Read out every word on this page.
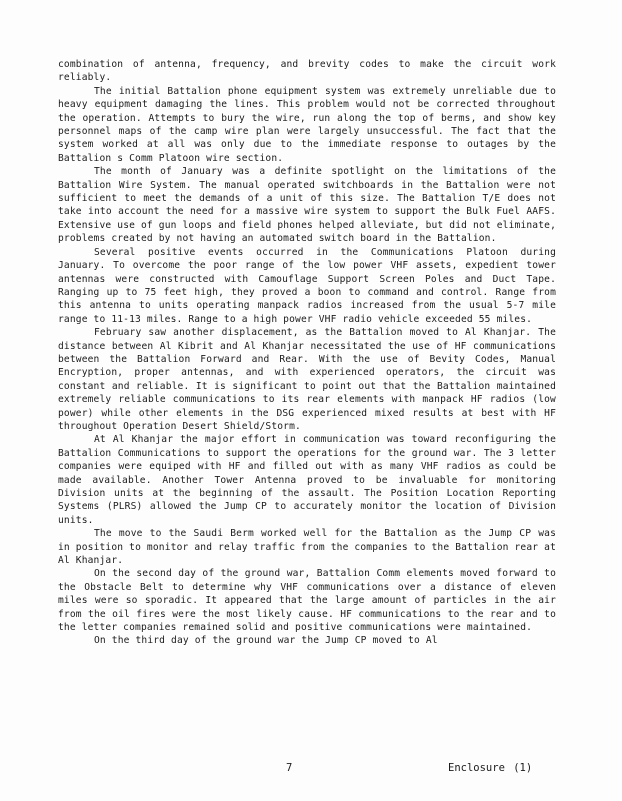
combination of antenna, frequency, and brevity codes to make the circuit work reliably.

The initial Battalion phone equipment system was extremely unreliable due to heavy equipment damaging the lines. This problem would not be corrected throughout the operation. Attempts to bury the wire, run along the top of berms, and show key personnel maps of the camp wire plan were largely unsuccessful. The fact that the system worked at all was only due to the immediate response to outages by the Battalion s Comm Platoon wire section.

The month of January was a definite spotlight on the limitations of the Battalion Wire System. The manual operated switchboards in the Battalion were not sufficient to meet the demands of a unit of this size. The Battalion T/E does not take into account the need for a massive wire system to support the Bulk Fuel AAFS. Extensive use of gun loops and field phones helped alleviate, but did not eliminate, problems created by not having an automated switch board in the Battalion.

Several positive events occurred in the Communications Platoon during January. To overcome the poor range of the low power VHF assets, expedient tower antennas were constructed with Camouflage Support Screen Poles and Duct Tape. Ranging up to 75 feet high, they proved a boon to command and control. Range from this antenna to units operating manpack radios increased from the usual 5-7 mile range to 11-13 miles. Range to a high power VHF radio vehicle exceeded 55 miles.

February saw another displacement, as the Battalion moved to Al Khanjar. The distance between Al Kibrit and Al Khanjar necessitated the use of HF communications between the Battalion Forward and Rear. With the use of Bevity Codes, Manual Encryption, proper antennas, and with experienced operators, the circuit was constant and reliable. It is significant to point out that the Battalion maintained extremely reliable communications to its rear elements with manpack HF radios (low power) while other elements in the DSG experienced mixed results at best with HF throughout Operation Desert Shield/Storm.

At Al Khanjar the major effort in communication was toward reconfiguring the Battalion Communications to support the operations for the ground war. The 3 letter companies were equiped with HF and filled out with as many VHF radios as could be made available. Another Tower Antenna proved to be invaluable for monitoring Division units at the beginning of the assault. The Position Location Reporting Systems (PLRS) allowed the Jump CP to accurately monitor the location of Division units.

The move to the Saudi Berm worked well for the Battalion as the Jump CP was in position to monitor and relay traffic from the companies to the Battalion rear at Al Khanjar.

On the second day of the ground war, Battalion Comm elements moved forward to the Obstacle Belt to determine why VHF communications over a distance of eleven miles were so sporadic. It appeared that the large amount of particles in the air from the oil fires were the most likely cause. HF communications to the rear and to the letter companies remained solid and positive communications were maintained.

On the third day of the ground war the Jump CP moved to Al

7	Enclosure (1)
